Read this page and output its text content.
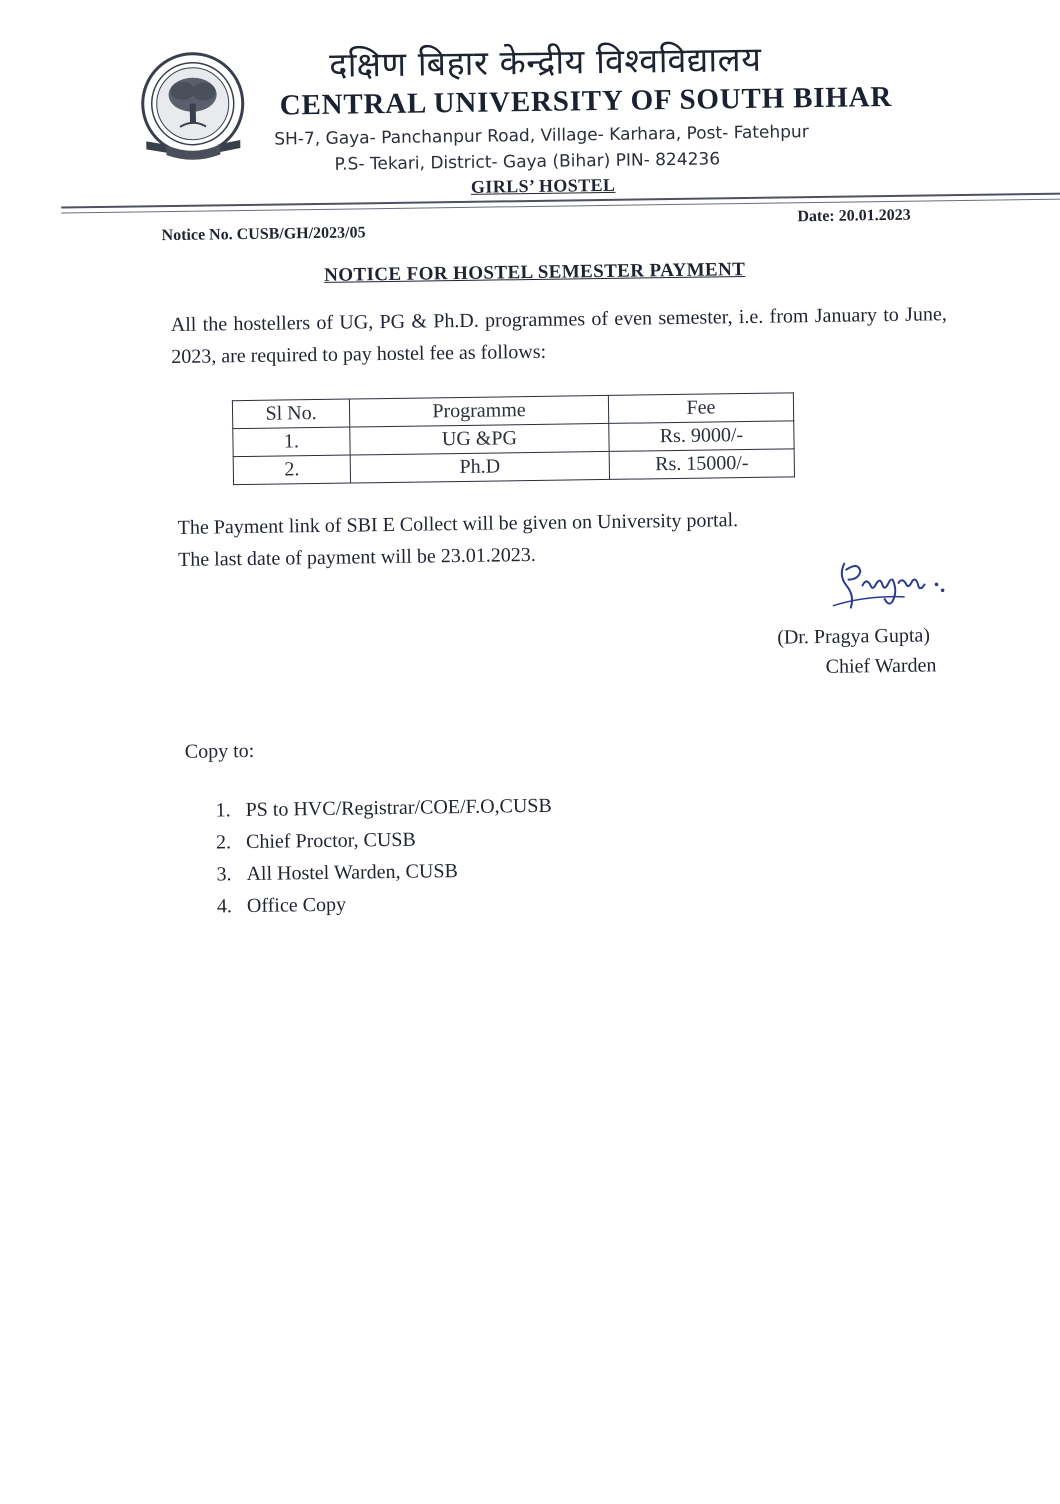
दक्षिण बिहार केन्द्रीय विश्वविद्यालय
CENTRAL UNIVERSITY OF SOUTH BIHAR
SH-7, Gaya- Panchanpur Road, Village- Karhara, Post- Fatehpur
P.S- Tekari, District- Gaya (Bihar) PIN- 824236
GIRLS’ HOSTEL
Notice No. CUSB/GH/2023/05
Date: 20.01.2023
NOTICE FOR HOSTEL SEMESTER PAYMENT
All the hostellers of UG, PG & Ph.D. programmes of even semester, i.e. from January to June, 2023, are required to pay hostel fee as follows:
Sl No.	Programme	Fee
1.	UG &PG	Rs. 9000/-
2.	Ph.D	Rs. 15000/-
The Payment link of SBI E Collect will be given on University portal.
The last date of payment will be 23.01.2023.
(Dr. Pragya Gupta)
Chief Warden
Copy to:
1. PS to HVC/Registrar/COE/F.O,CUSB
2. Chief Proctor, CUSB
3. All Hostel Warden, CUSB
4. Office Copy
